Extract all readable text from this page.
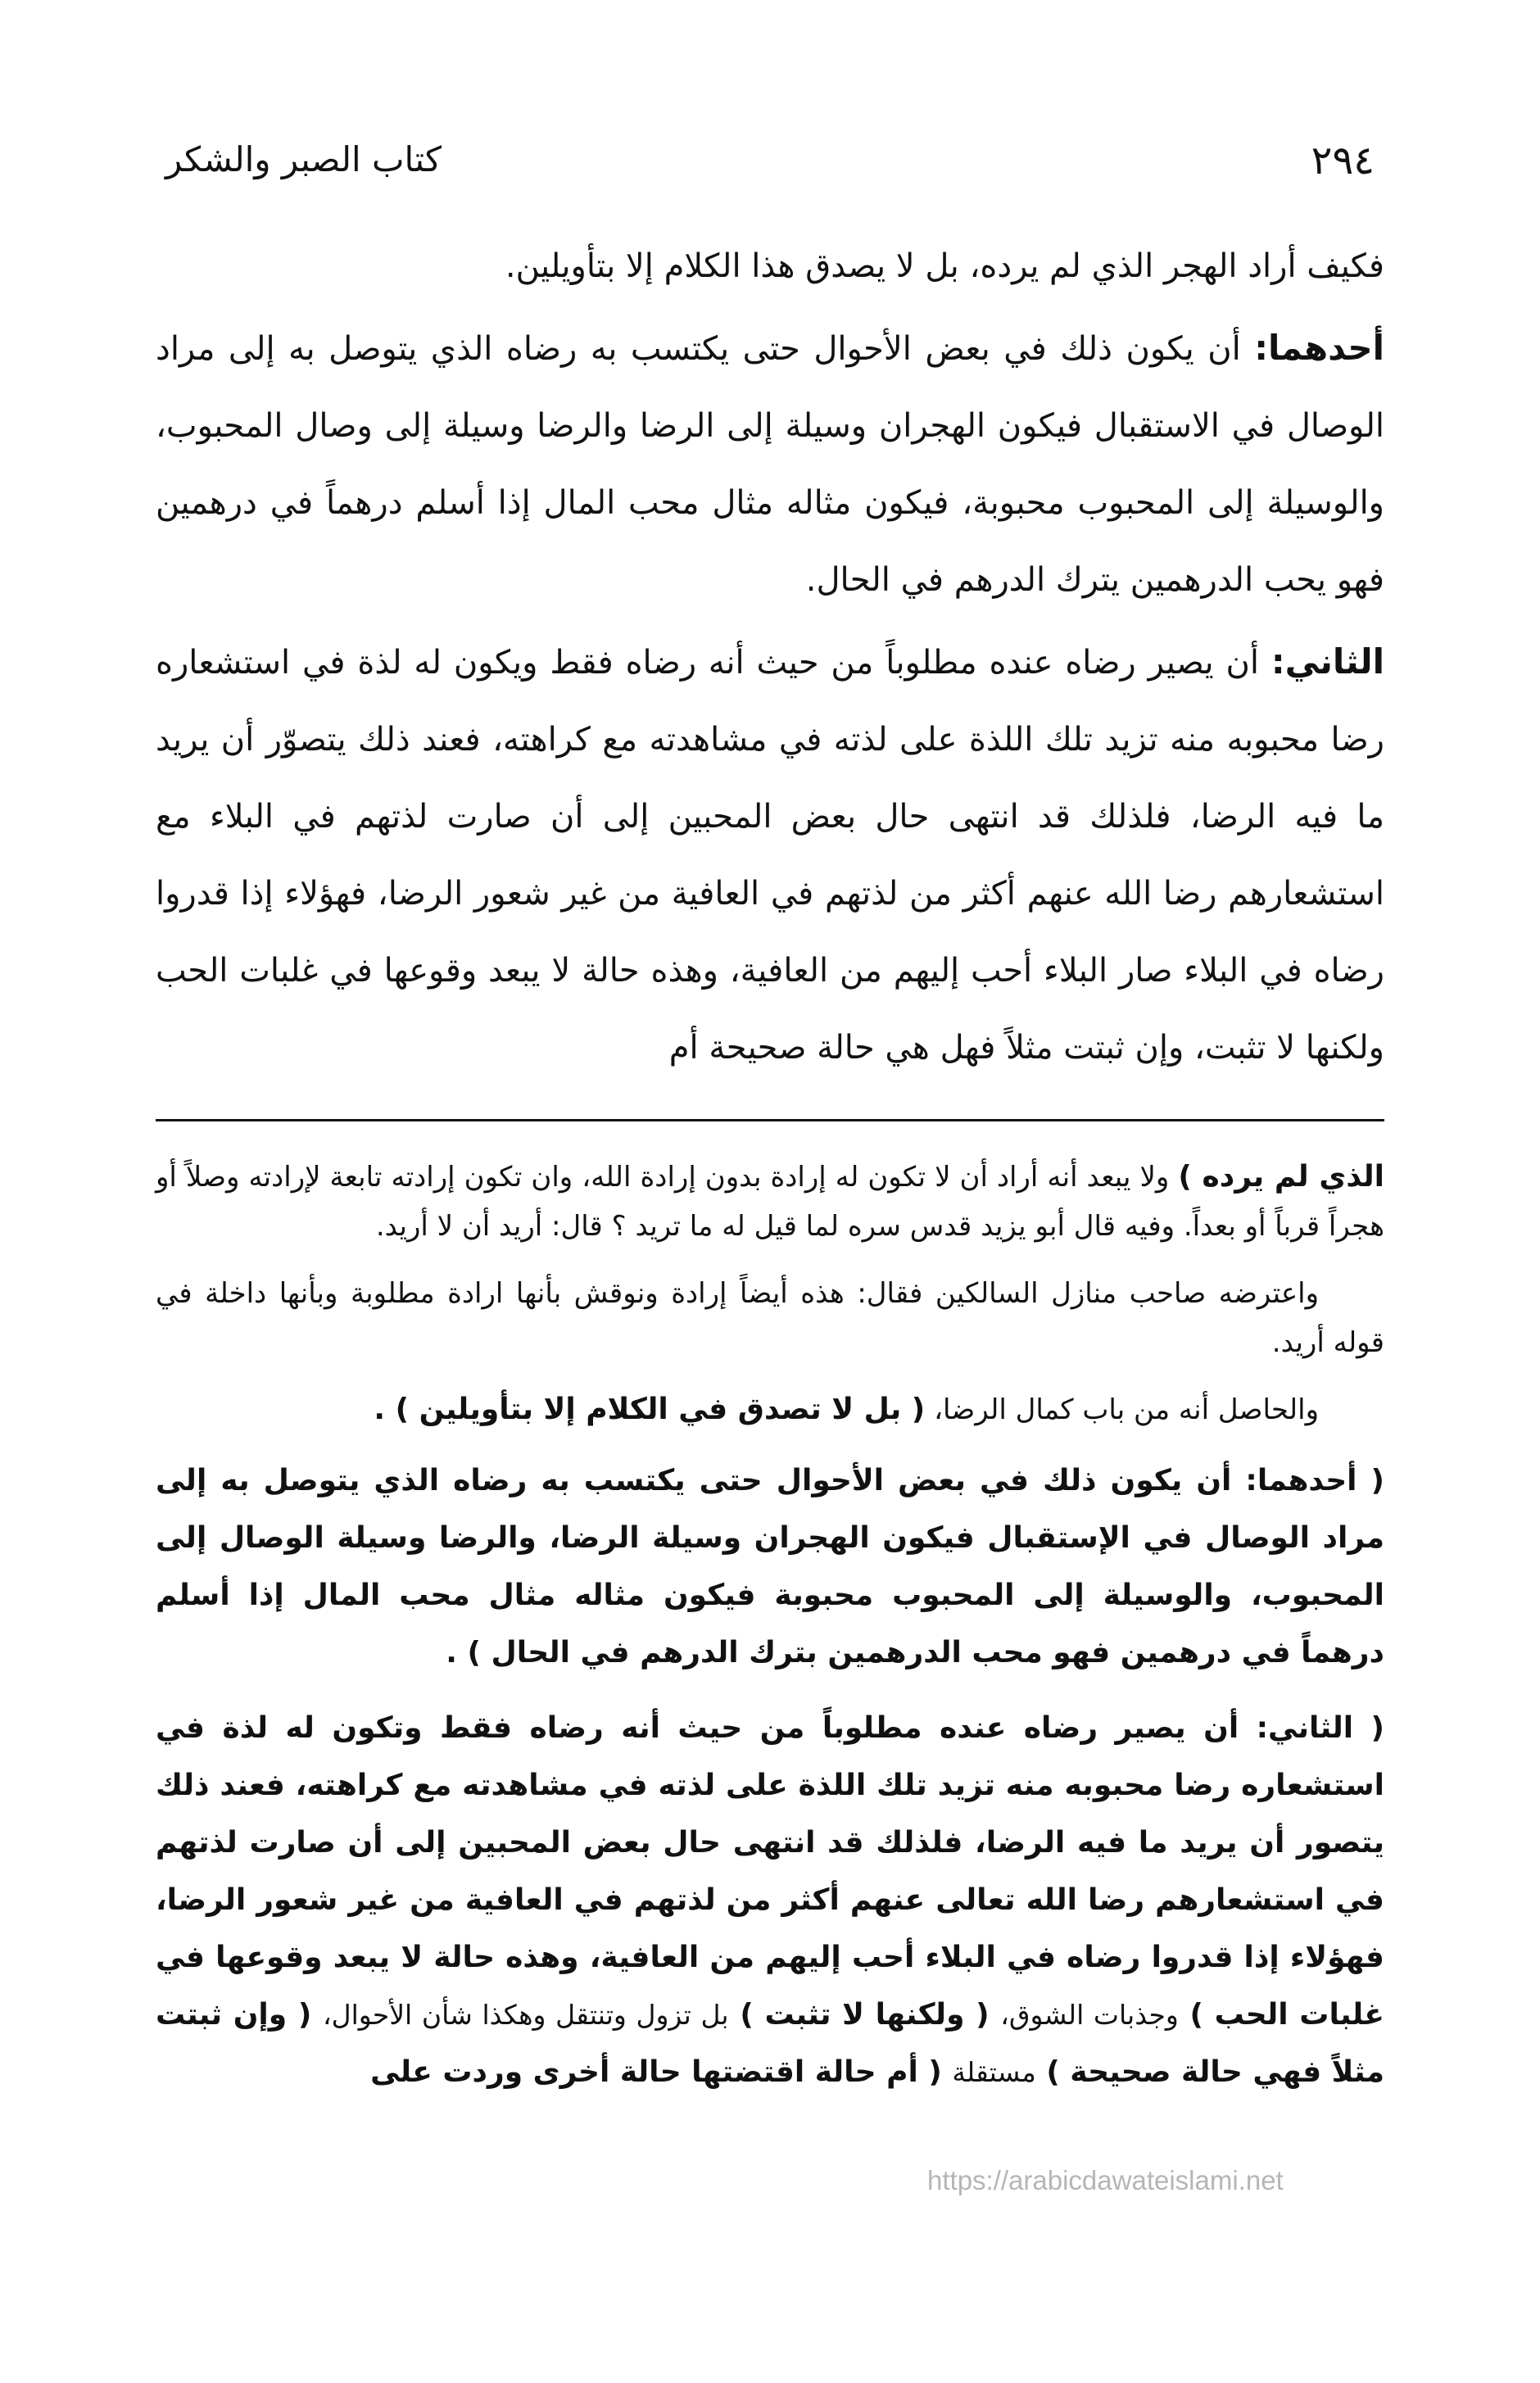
٢٩٤
كتاب الصبر والشكر

فكيف أراد الهجر الذي لم يرده، بل لا يصدق هذا الكلام إلا بتأويلين.

أحدهما: أن يكون ذلك في بعض الأحوال حتى يكتسب به رضاه الذي يتوصل به إلى مراد الوصال في الاستقبال فيكون الهجران وسيلة إلى الرضا والرضا وسيلة إلى وصال المحبوب، والوسيلة إلى المحبوب محبوبة، فيكون مثاله مثال محب المال إذا أسلم درهماً في درهمين فهو يحب الدرهمين يترك الدرهم في الحال.

الثاني: أن يصير رضاه عنده مطلوباً من حيث أنه رضاه فقط ويكون له لذة في استشعاره رضا محبوبه منه تزيد تلك اللذة على لذته في مشاهدته مع كراهته، فعند ذلك يتصوّر أن يريد ما فيه الرضا، فلذلك قد انتهى حال بعض المحبين إلى أن صارت لذتهم في البلاء مع استشعارهم رضا الله عنهم أكثر من لذتهم في العافية من غير شعور الرضا، فهؤلاء إذا قدروا رضاه في البلاء صار البلاء أحب إليهم من العافية، وهذه حالة لا يبعد وقوعها في غلبات الحب ولكنها لا تثبت، وإن ثبتت مثلاً فهل هي حالة صحيحة أم

الذي لم يرده ) ولا يبعد أنه أراد أن لا تكون له إرادة بدون إرادة الله، وان تكون إرادته تابعة لإرادته وصلاً أو هجراً قرباً أو بعداً. وفيه قال أبو يزيد قدس سره لما قيل له ما تريد ؟ قال: أريد أن لا أريد.

واعترضه صاحب منازل السالكين فقال: هذه أيضاً إرادة ونوقش بأنها ارادة مطلوبة وبأنها داخلة في قوله أريد.

والحاصل أنه من باب كمال الرضا، ( بل لا تصدق في الكلام إلا بتأويلين ) .

( أحدهما: أن يكون ذلك في بعض الأحوال حتى يكتسب به رضاه الذي يتوصل به إلى مراد الوصال في الإستقبال فيكون الهجران وسيلة الرضا، والرضا وسيلة الوصال إلى المحبوب، والوسيلة إلى المحبوب محبوبة فيكون مثاله مثال محب المال إذا أسلم درهماً في درهمين فهو محب الدرهمين بترك الدرهم في الحال ) .

( الثاني: أن يصير رضاه عنده مطلوباً من حيث أنه رضاه فقط وتكون له لذة في استشعاره رضا محبوبه منه تزيد تلك اللذة على لذته في مشاهدته مع كراهته، فعند ذلك يتصور أن يريد ما فيه الرضا، فلذلك قد انتهى حال بعض المحبين إلى أن صارت لذتهم في استشعارهم رضا الله تعالى عنهم أكثر من لذتهم في العافية من غير شعور الرضا، فهؤلاء إذا قدروا رضاه في البلاء أحب إليهم من العافية، وهذه حالة لا يبعد وقوعها في غلبات الحب ) وجذبات الشوق، ( ولكنها لا تثبت ) بل تزول وتنتقل وهكذا شأن الأحوال، ( وإن ثبتت مثلاً فهي حالة صحيحة ) مستقلة ( أم حالة اقتضتها حالة أخرى وردت على

https://arabicdawateislami.net
